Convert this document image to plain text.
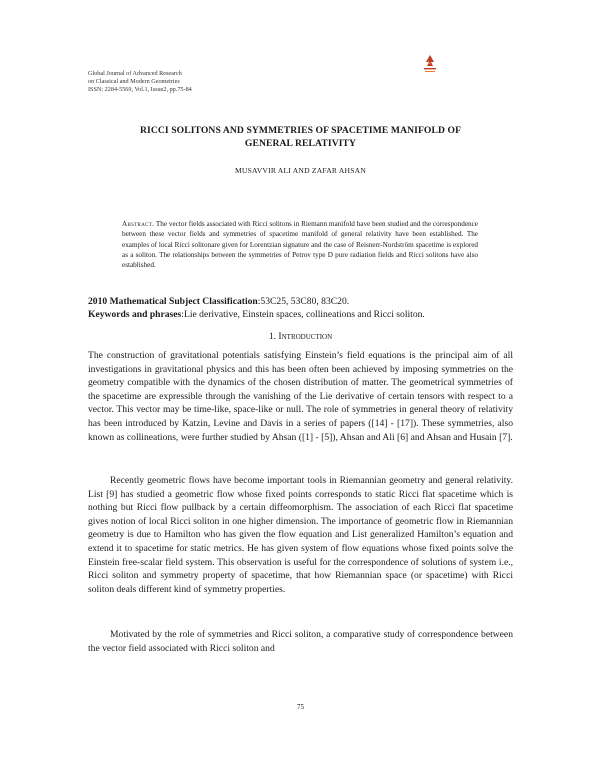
Global Journal of Advanced Research
on Classical and Modern Geometries
ISSN: 2284-5569, Vol.1, Issue2, pp.75-84
RICCI SOLITONS AND SYMMETRIES OF SPACETIME MANIFOLD OF
GENERAL RELATIVITY
MUSAVVIR ALI AND ZAFAR AHSAN
Abstract. The vector fields associated with Ricci solitons in Riemann manifold have been studied and the correspondence between these vector fields and symmetries of spacetime manifold of general relativity have been established. The examples of local Ricci solitonare given for Lorentzian signature and the case of Reisnerr-Nordström spacetime is explored as a soliton. The relationships between the symmetries of Petrov type D pure radiation fields and Ricci solitons have also established.
2010 Mathematical Subject Classification:53C25, 53C80, 83C20.
Keywords and phrases:Lie derivative, Einstein spaces, collineations and Ricci soliton.
1. Introduction
The construction of gravitational potentials satisfying Einstein’s field equations is the principal aim of all investigations in gravitational physics and this has been often been achieved by imposing symmetries on the geometry compatible with the dynamics of the chosen distribution of matter. The geometrical symmetries of the spacetime are expressible through the vanishing of the Lie derivative of certain tensors with respect to a vector. This vector may be time-like, space-like or null. The role of symmetries in general theory of relativity has been introduced by Katzin, Levine and Davis in a series of papers ([14] - [17]). These symmetries, also known as collineations, were further studied by Ahsan ([1] - [5]), Ahsan and Ali [6] and Ahsan and Husain [7].
Recently geometric flows have become important tools in Riemannian geometry and general relativity. List [9] has studied a geometric flow whose fixed points corresponds to static Ricci flat spacetime which is nothing but Ricci flow pullback by a certain diffeomorphism. The association of each Ricci flat spacetime gives notion of local Ricci soliton in one higher dimension. The importance of geometric flow in Riemannian geometry is due to Hamilton who has given the flow equation and List generalized Hamilton’s equation and extend it to spacetime for static metrics. He has given system of flow equations whose fixed points solve the Einstein free-scalar field system. This observation is useful for the correspondence of solutions of system i.e., Ricci soliton and symmetry property of spacetime, that how Riemannian space (or spacetime) with Ricci soliton deals different kind of symmetry properties.
Motivated by the role of symmetries and Ricci soliton, a comparative study of correspondence between the vector field associated with Ricci soliton and
75
